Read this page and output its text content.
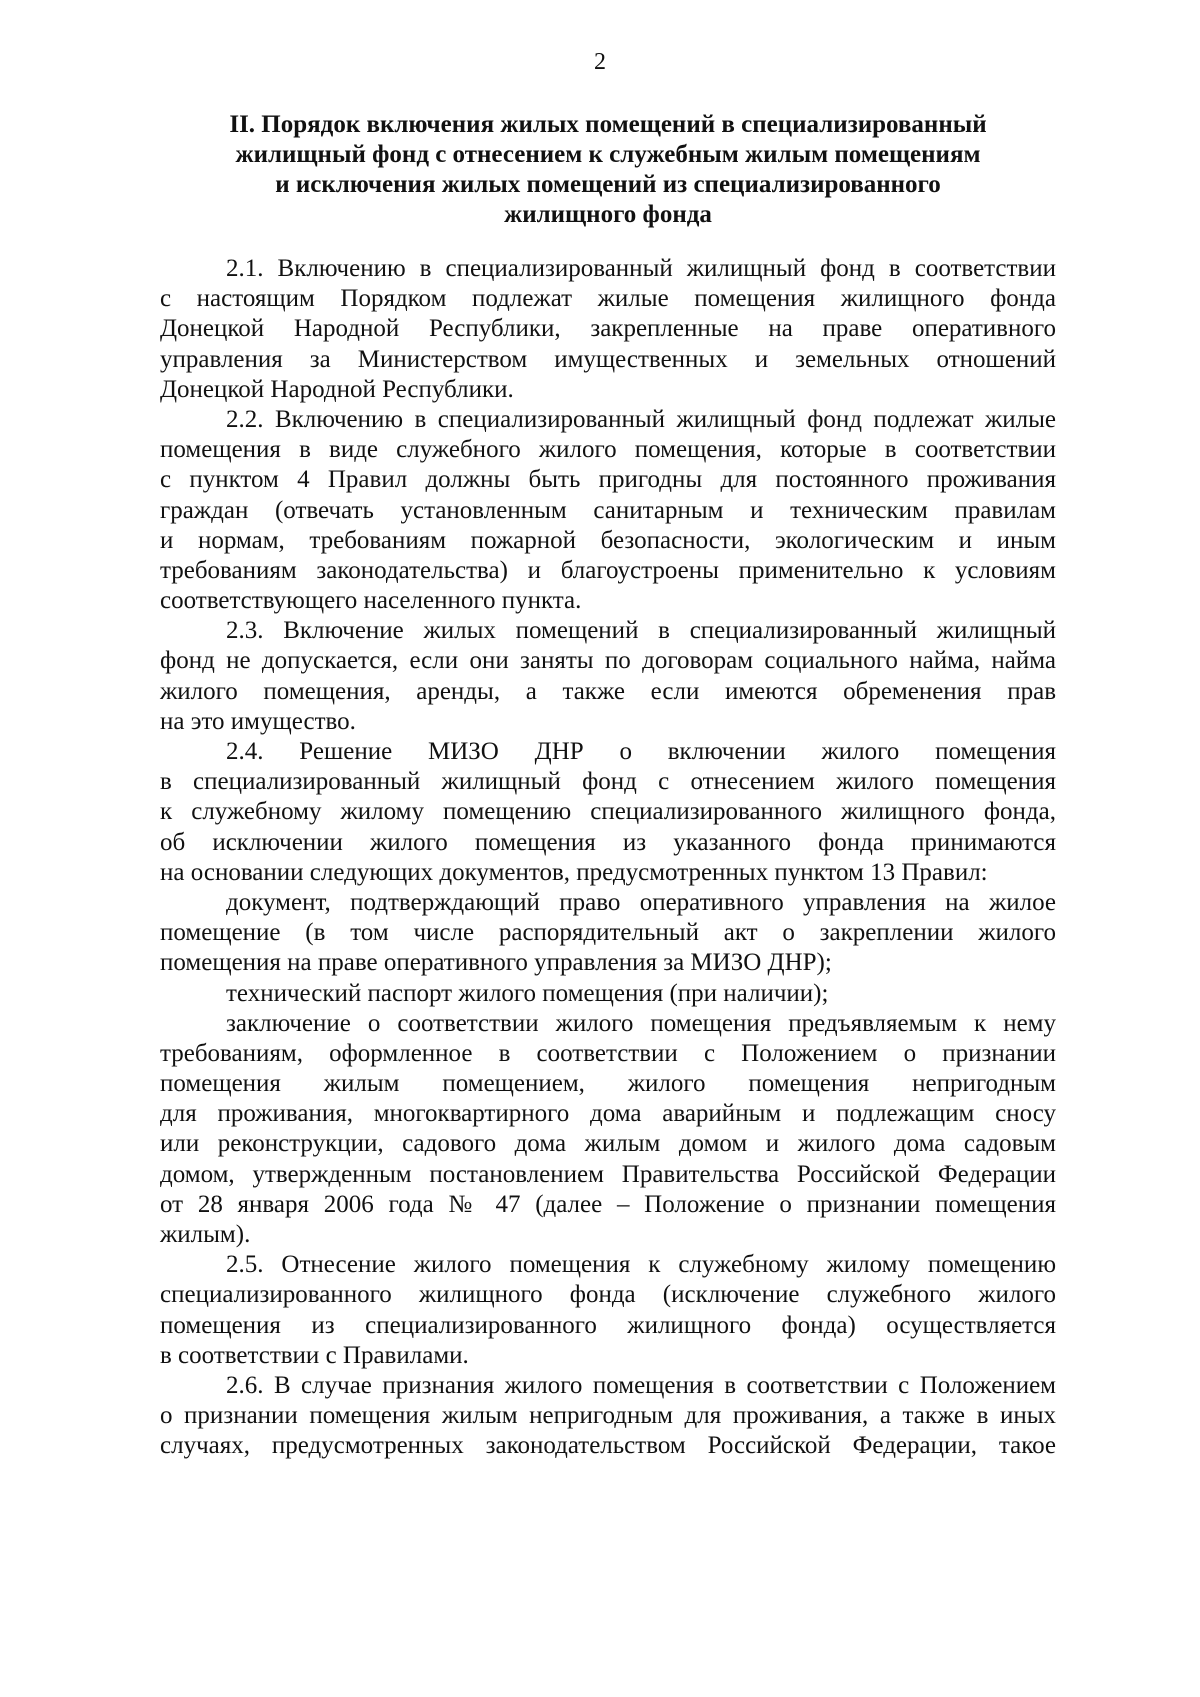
2
II. Порядок включения жилых помещений в специализированный
жилищный фонд с отнесением к служебным жилым помещениям
и исключения жилых помещений из специализированного
жилищного фонда
2.1. Включению в специализированный жилищный фонд в соответствии
с настоящим Порядком подлежат жилые помещения жилищного фонда
Донецкой Народной Республики, закрепленные на праве оперативного
управления за Министерством имущественных и земельных отношений
Донецкой Народной Республики.
2.2. Включению в специализированный жилищный фонд подлежат жилые
помещения в виде служебного жилого помещения, которые в соответствии
с пунктом 4 Правил должны быть пригодны для постоянного проживания
граждан (отвечать установленным санитарным и техническим правилам
и нормам, требованиям пожарной безопасности, экологическим и иным
требованиям законодательства) и благоустроены применительно к условиям
соответствующего населенного пункта.
2.3. Включение жилых помещений в специализированный жилищный
фонд не допускается, если они заняты по договорам социального найма, найма
жилого помещения, аренды, а также если имеются обременения прав
на это имущество.
2.4. Решение МИЗО ДНР о включении жилого помещения
в специализированный жилищный фонд с отнесением жилого помещения
к служебному жилому помещению специализированного жилищного фонда,
об исключении жилого помещения из указанного фонда принимаются
на основании следующих документов, предусмотренных пунктом 13 Правил:
документ, подтверждающий право оперативного управления на жилое
помещение (в том числе распорядительный акт о закреплении жилого
помещения на праве оперативного управления за МИЗО ДНР);
технический паспорт жилого помещения (при наличии);
заключение о соответствии жилого помещения предъявляемым к нему
требованиям, оформленное в соответствии с Положением о признании
помещения жилым помещением, жилого помещения непригодным
для проживания, многоквартирного дома аварийным и подлежащим сносу
или реконструкции, садового дома жилым домом и жилого дома садовым
домом, утвержденным постановлением Правительства Российской Федерации
от 28 января 2006 года № 47 (далее – Положение о признании помещения
жилым).
2.5. Отнесение жилого помещения к служебному жилому помещению
специализированного жилищного фонда (исключение служебного жилого
помещения из специализированного жилищного фонда) осуществляется
в соответствии с Правилами.
2.6. В случае признания жилого помещения в соответствии с Положением
о признании помещения жилым непригодным для проживания, а также в иных
случаях, предусмотренных законодательством Российской Федерации, такое
